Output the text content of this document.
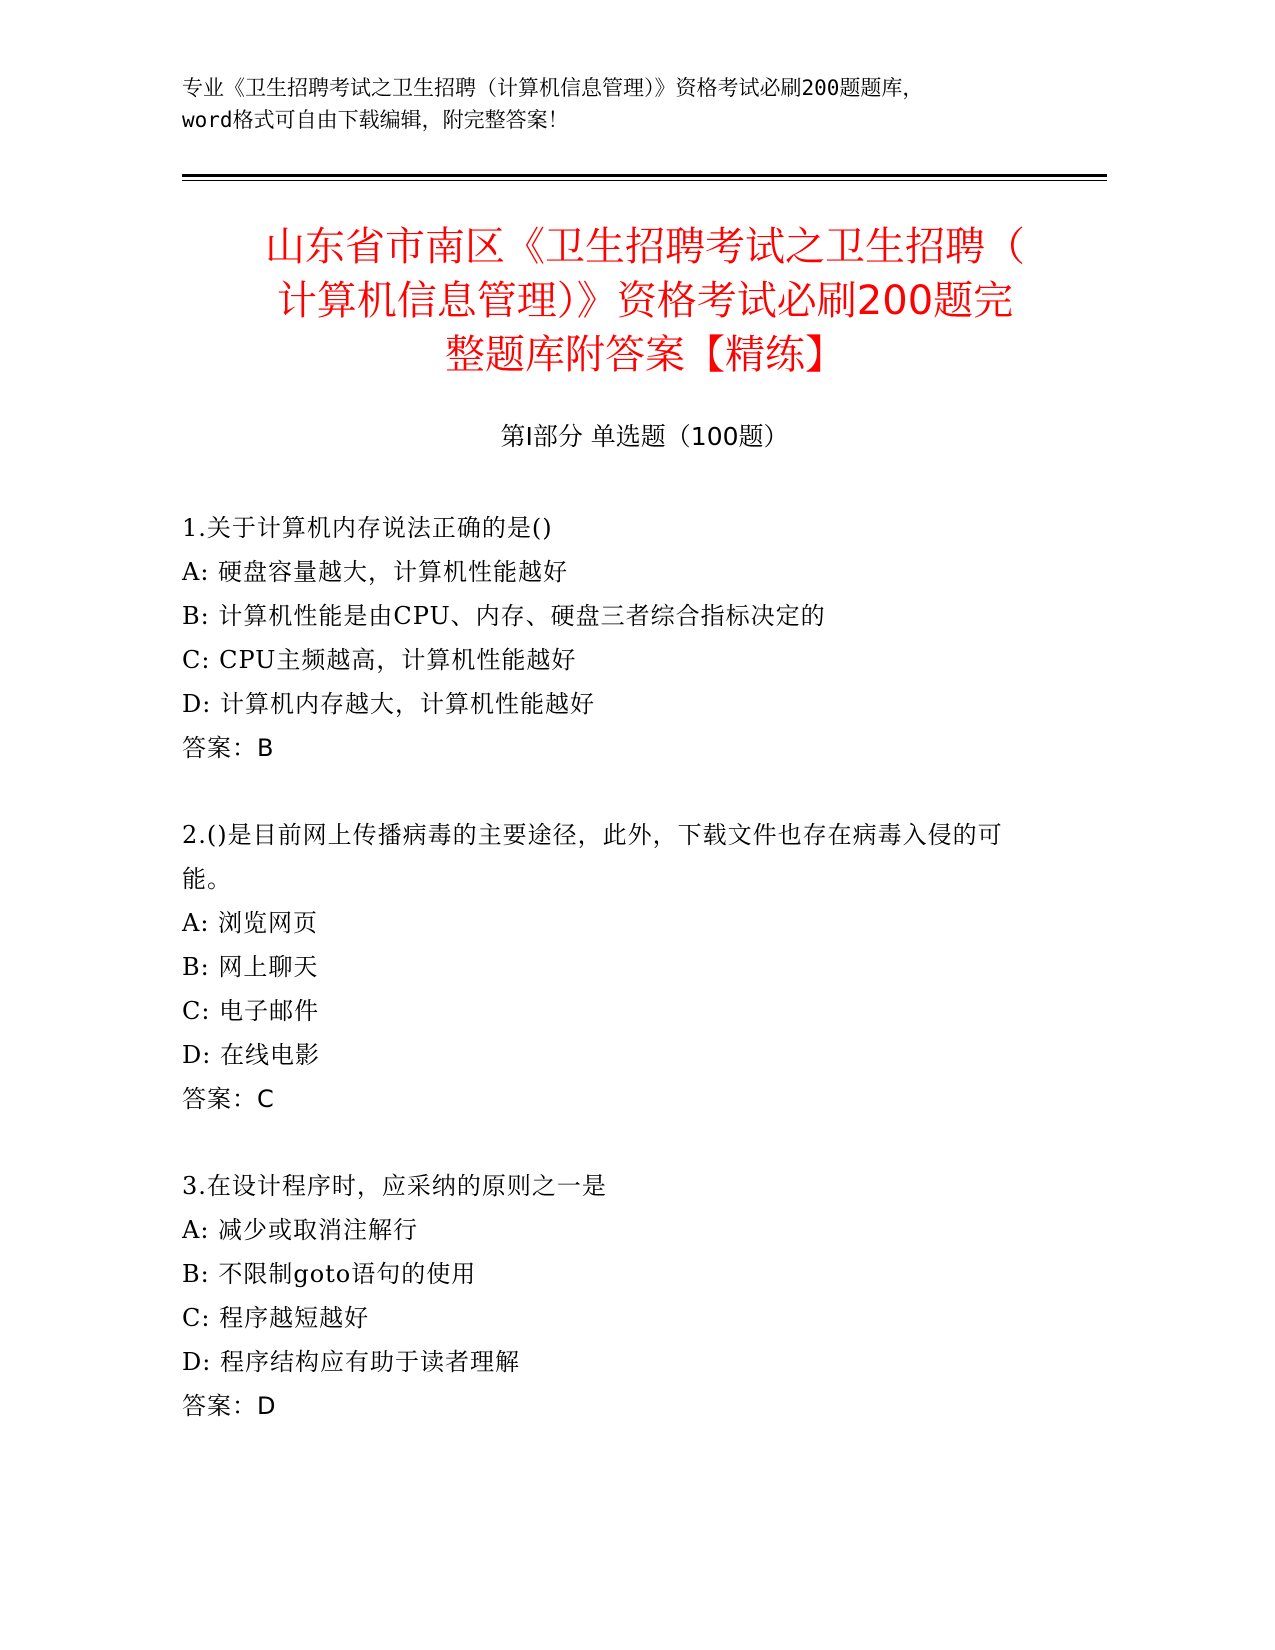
专业《卫生招聘考试之卫生招聘（计算机信息管理）》资格考试必刷200题题库，
word格式可自由下载编辑，附完整答案！
山东省市南区《卫生招聘考试之卫生招聘（
计算机信息管理）》资格考试必刷200题完
整题库附答案【精练】
第I部分 单选题（100题）
1.关于计算机内存说法正确的是()
A: 硬盘容量越大，计算机性能越好
B: 计算机性能是由CPU、内存、硬盘三者综合指标决定的
C: CPU主频越高，计算机性能越好
D: 计算机内存越大，计算机性能越好
答案：B
2.()是目前网上传播病毒的主要途径，此外，下载文件也存在病毒入侵的可能。
A: 浏览网页
B: 网上聊天
C: 电子邮件
D: 在线电影
答案：C
3.在设计程序时，应采纳的原则之一是
A: 减少或取消注解行
B: 不限制goto语句的使用
C: 程序越短越好
D: 程序结构应有助于读者理解
答案：D
